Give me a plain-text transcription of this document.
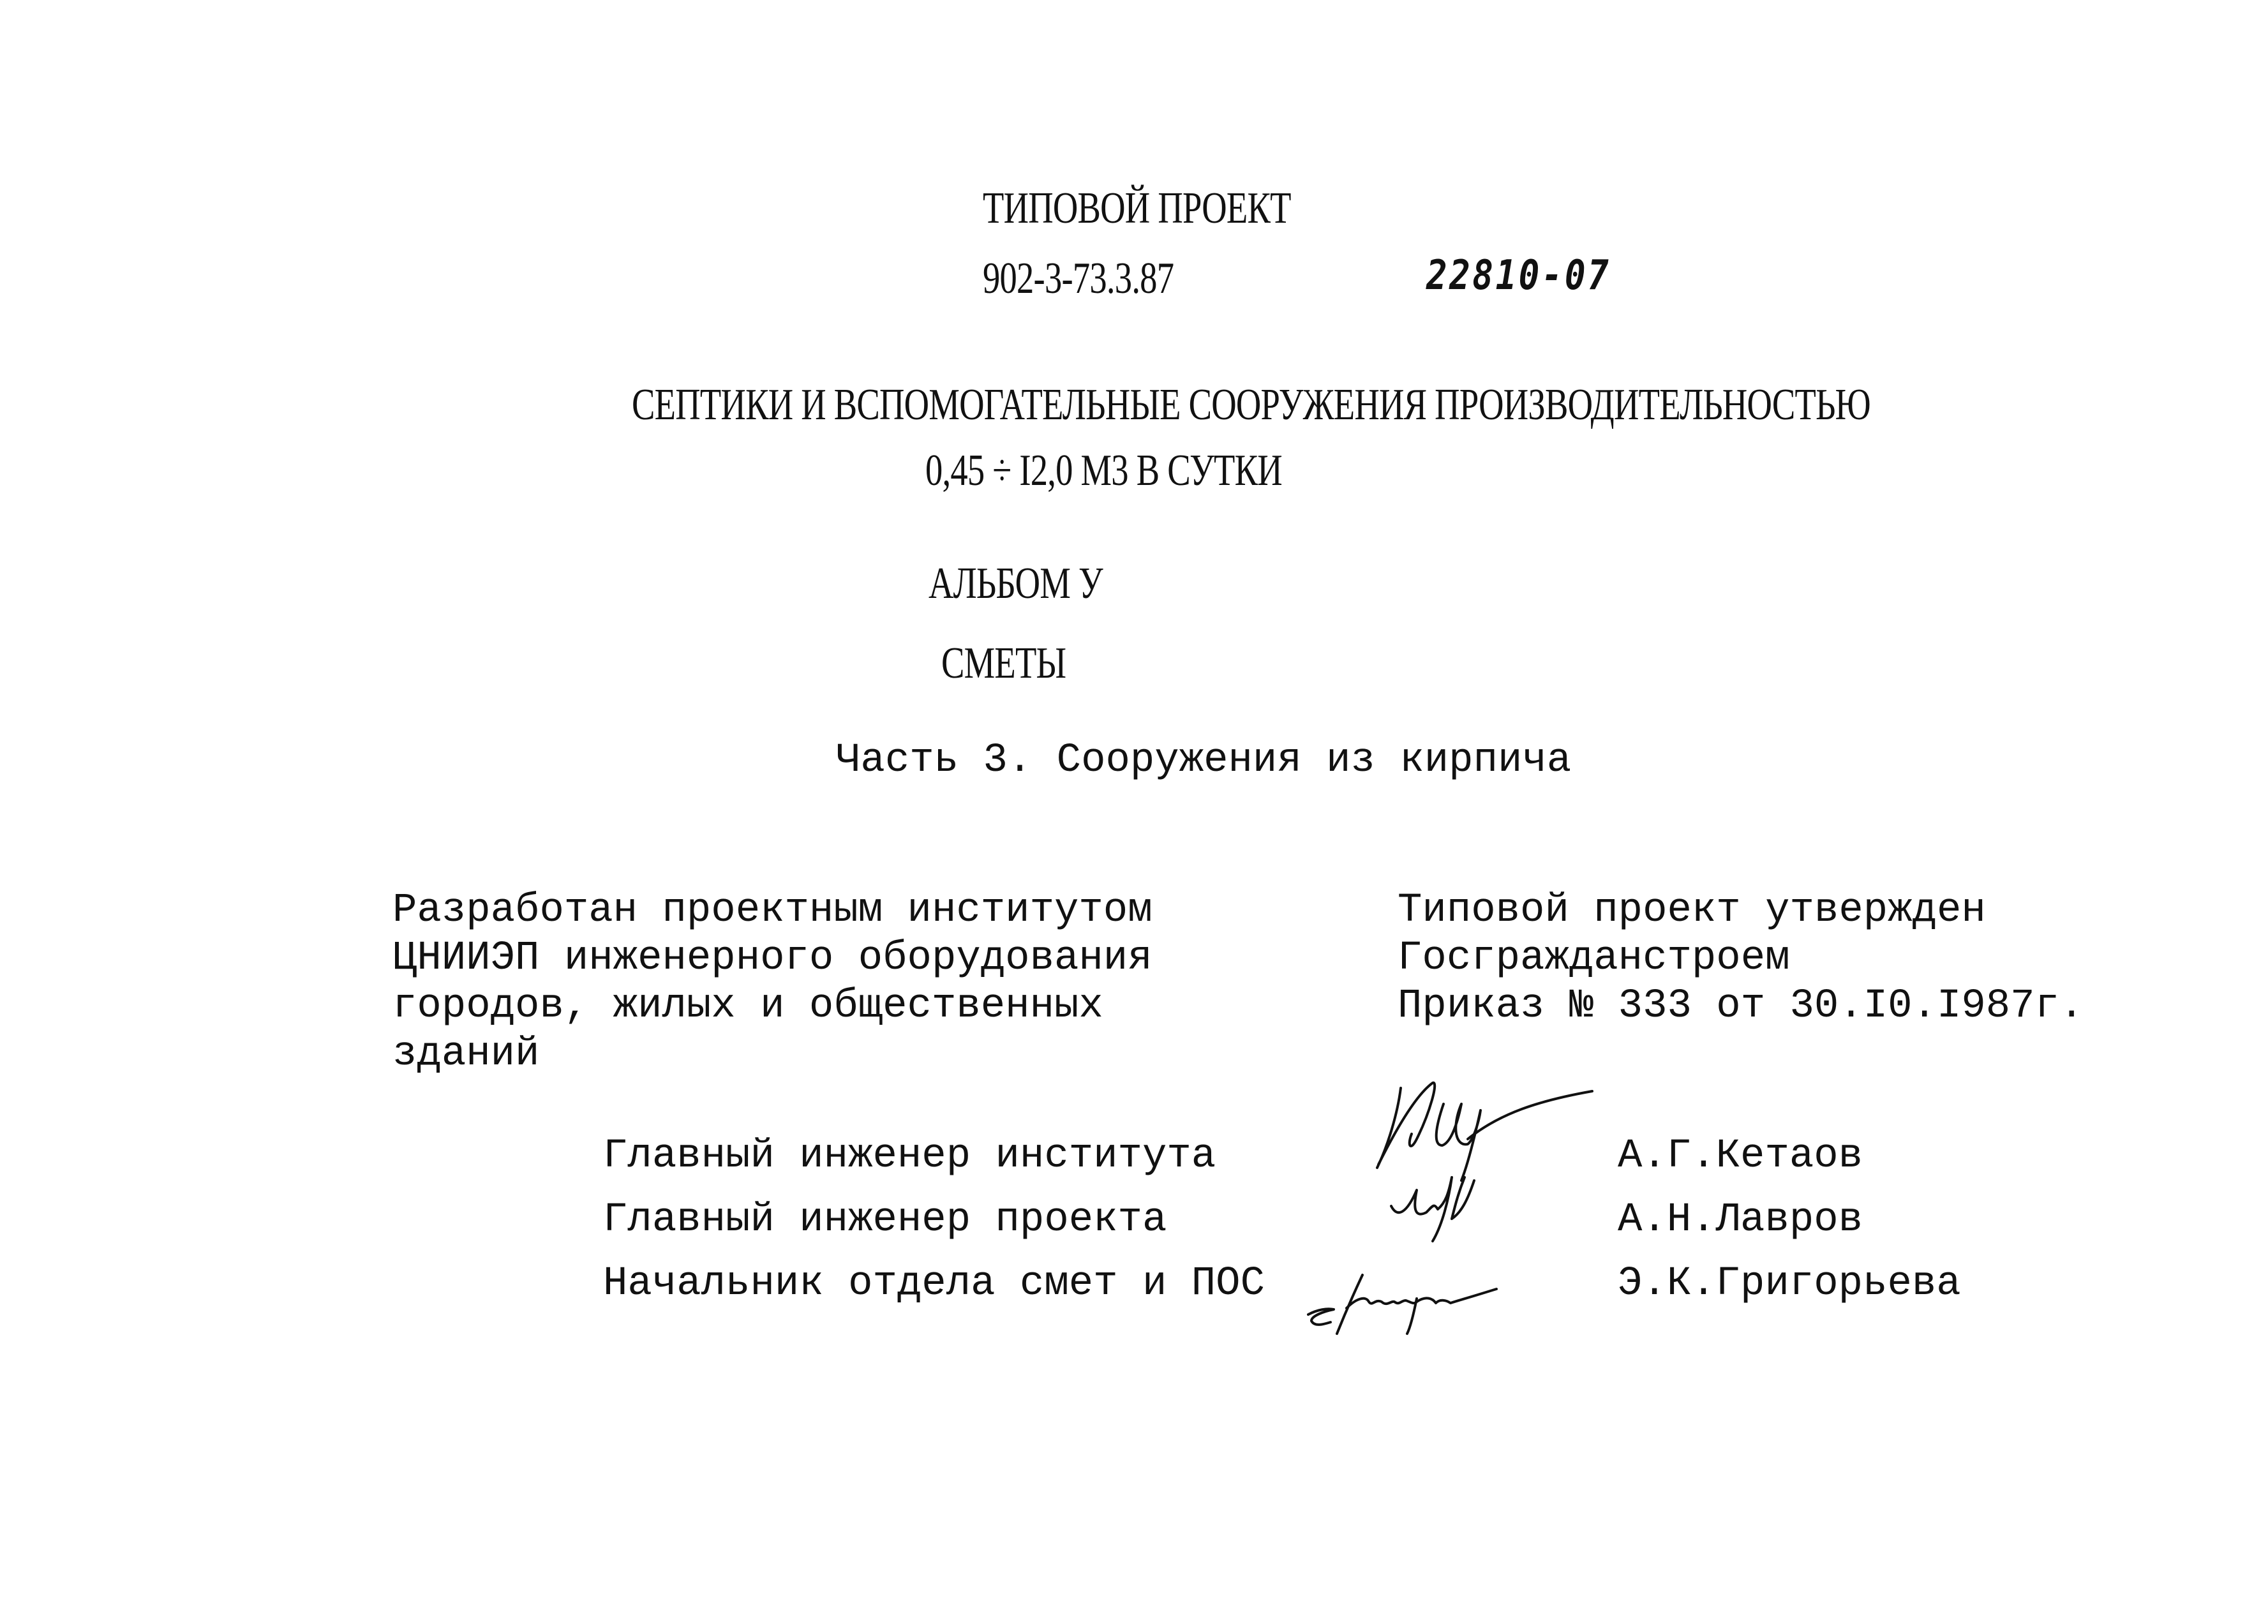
ТИПОВОЙ ПРОЕКТ
902-3-73.3.87	22810-07
СЕПТИКИ И ВСПОМОГАТЕЛЬНЫЕ СООРУЖЕНИЯ ПРОИЗВОДИТЕЛЬНОСТЬЮ
0,45 ÷ I2,0 М3 В СУТКИ
АЛЬБОМ У
СМЕТЫ
Часть 3. Сооружения из кирпича
Разработан проектным институтом
ЦНИИЭП инженерного оборудования
городов, жилых и общественных
зданий
Типовой проект утвержден
Госгражданстроем
Приказ № 333 от 30.I0.I987г.
Главный инженер института	А.Г.Кетаов
Главный инженер проекта	А.Н.Лавров
Начальник отдела смет и ПОС	Э.К.Григорьева
